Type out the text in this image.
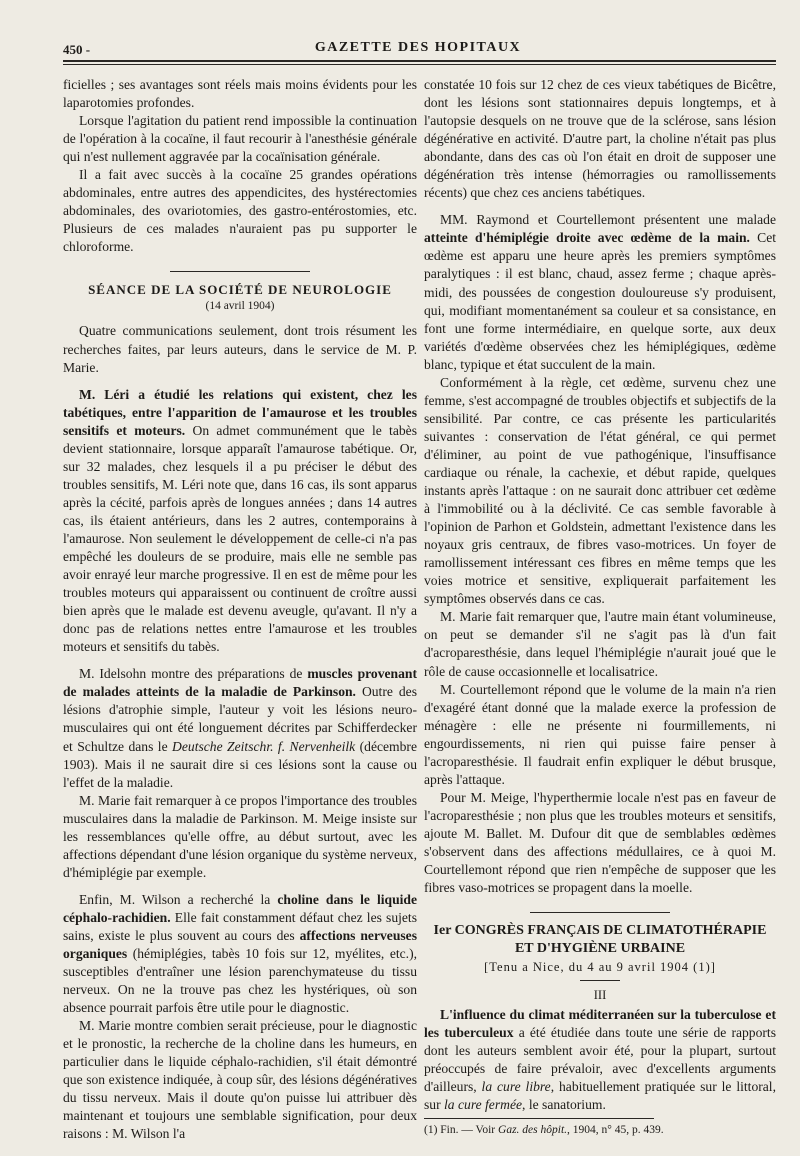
450 -	GAZETTE DES HOPITAUX

ficielles ; ses avantages sont réels mais moins évidents pour les laparotomies profondes.

Lorsque l'agitation du patient rend impossible la continuation de l'opération à la cocaïne, il faut recourir à l'anesthésie générale qui n'est nullement aggravée par la cocaïnisation générale.

Il a fait avec succès à la cocaïne 25 grandes opérations abdominales, entre autres des appendicites, des hystérectomies abdominales, des ovariotomies, des gastro-entérostomies, etc. Plusieurs de ces malades n'auraient pas pu supporter le chloroforme.

SÉANCE DE LA SOCIÉTÉ DE NEUROLOGIE
(14 avril 1904)

Quatre communications seulement, dont trois résument les recherches faites, par leurs auteurs, dans le service de M. P. Marie.

M. Léri a étudié les relations qui existent, chez les tabétiques, entre l'apparition de l'amaurose et les troubles sensitifs et moteurs. On admet communément que le tabès devient stationnaire, lorsque apparaît l'amaurose tabétique. Or, sur 32 malades, chez lesquels il a pu préciser le début des troubles sensitifs, M. Léri note que, dans 16 cas, ils sont apparus après la cécité, parfois après de longues années ; dans 14 autres cas, ils étaient antérieurs, dans les 2 autres, contemporains à l'amaurose. Non seulement le développement de celle-ci n'a pas empêché les douleurs de se produire, mais elle ne semble pas avoir enrayé leur marche progressive. Il en est de même pour les troubles moteurs qui apparaissent ou continuent de croître aussi bien après que le malade est devenu aveugle, qu'avant. Il n'y a donc pas de relations nettes entre l'amaurose et les troubles moteurs et sensitifs du tabès.

M. Idelsohn montre des préparations de muscles provenant de malades atteints de la maladie de Parkinson. Outre des lésions d'atrophie simple, l'auteur y voit les lésions neuro-musculaires qui ont été longuement décrites par Schifferdecker et Schultze dans le Deutsche Zeitschr. f. Nervenheilk (décembre 1903). Mais il ne saurait dire si ces lésions sont la cause ou l'effet de la maladie.

M. Marie fait remarquer à ce propos l'importance des troubles musculaires dans la maladie de Parkinson. M. Meige insiste sur les ressemblances qu'elle offre, au début surtout, avec les affections dépendant d'une lésion organique du système nerveux, d'hémiplégie par exemple.

Enfin, M. Wilson a recherché la choline dans le liquide céphalo-rachidien. Elle fait constamment défaut chez les sujets sains, existe le plus souvent au cours des affections nerveuses organiques (hémiplégies, tabès 10 fois sur 12, myélites, etc.), susceptibles d'entraîner une lésion parenchymateuse du tissu nerveux. On ne la trouve pas chez les hystériques, où son absence pourrait parfois être utile pour le diagnostic.

M. Marie montre combien serait précieuse, pour le diagnostic et le pronostic, la recherche de la choline dans les humeurs, en particulier dans le liquide céphalo-rachidien, s'il était démontré que son existence indiquée, à coup sûr, des lésions dégénératives du tissu nerveux. Mais il doute qu'on puisse lui attribuer dès maintenant et toujours une semblable signification, pour deux raisons : M. Wilson l'a

constatée 10 fois sur 12 chez de ces vieux tabétiques de Bicêtre, dont les lésions sont stationnaires depuis longtemps, et à l'autopsie desquels on ne trouve que de la sclérose, sans lésion dégénérative en activité. D'autre part, la choline n'était pas plus abondante, dans des cas où l'on était en droit de supposer une dégénération très intense (hémorragies ou ramollissements récents) que chez ces anciens tabétiques.

MM. Raymond et Courtellemont présentent une malade atteinte d'hémiplégie droite avec œdème de la main. Cet œdème est apparu une heure après les premiers symptômes paralytiques : il est blanc, chaud, assez ferme ; chaque après-midi, des poussées de congestion douloureuse s'y produisent, qui, modifiant momentanément sa couleur et sa consistance, en font une forme intermédiaire, en quelque sorte, aux deux variétés d'œdème observées chez les hémiplégiques, œdème blanc, typique et état succulent de la main.

Conformément à la règle, cet œdème, survenu chez une femme, s'est accompagné de troubles objectifs et subjectifs de la sensibilité. Par contre, ce cas présente les particularités suivantes : conservation de l'état général, ce qui permet d'éliminer, au point de vue pathogénique, l'insuffisance cardiaque ou rénale, la cachexie, et début rapide, quelques instants après l'attaque : on ne saurait donc attribuer cet œdème à l'immobilité ou à la déclivité. Ce cas semble favorable à l'opinion de Parhon et Goldstein, admettant l'existence dans les noyaux gris centraux, de fibres vaso-motrices. Un foyer de ramollissement intéressant ces fibres en même temps que les voies motrice et sensitive, expliquerait parfaitement les symptômes observés dans ce cas.

M. Marie fait remarquer que, l'autre main étant volumineuse, on peut se demander s'il ne s'agit pas là d'un fait d'acroparesthésie, dans lequel l'hémiplégie n'aurait joué que le rôle de cause occasionnelle et localisatrice.

M. Courtellemont répond que le volume de la main n'a rien d'exagéré étant donné que la malade exerce la profession de ménagère : elle ne présente ni fourmillements, ni engourdissements, ni rien qui puisse faire penser à l'acroparesthésie. Il faudrait enfin expliquer le début brusque, après l'attaque.

Pour M. Meige, l'hyperthermie locale n'est pas en faveur de l'acroparesthésie ; non plus que les troubles moteurs et sensitifs, ajoute M. Ballet. M. Dufour dit que de semblables œdèmes s'observent dans des affections médullaires, ce à quoi M. Courtellemont répond que rien n'empêche de supposer que les fibres vaso-motrices se propagent dans la moelle.

Ier CONGRÈS FRANÇAIS DE CLIMATOTHÉRAPIE ET D'HYGIÈNE URBAINE
[Tenu a Nice, du 4 au 9 avril 1904 (1)]
III

L'influence du climat méditerranéen sur la tuberculose et les tuberculeux a été étudiée dans toute une série de rapports dont les auteurs semblent avoir été, pour la plupart, surtout préoccupés de faire prévaloir, avec d'excellents arguments d'ailleurs, la cure libre, habituellement pratiquée sur le littoral, sur la cure fermée, le sanatorium.

(1) Fin. — Voir Gaz. des hôpit., 1904, n° 45, p. 439.
